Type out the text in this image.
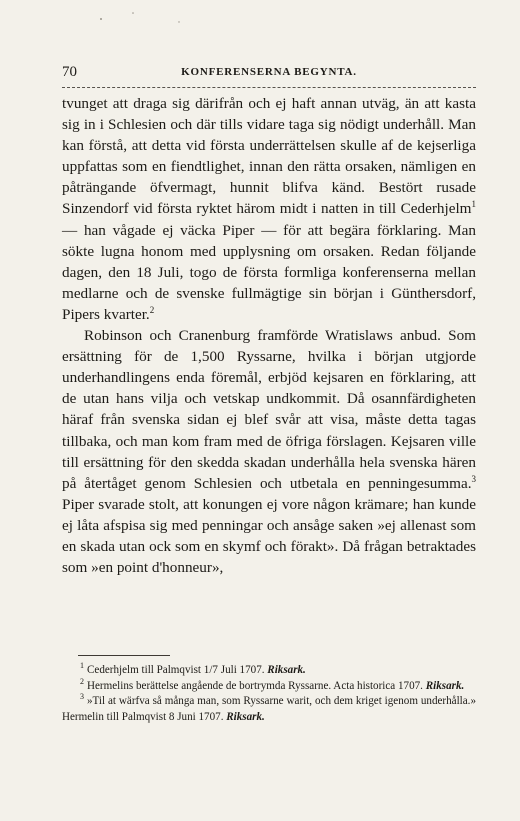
70	KONFERENSERNA BEGYNTA.

tvunget att draga sig därifrån och ej haft annan utväg, än att kasta sig in i Schlesien och där tills vidare taga sig nödigt underhåll. Man kan förstå, att detta vid första underrättelsen skulle af de kejserliga uppfattas som en fiendtlighet, innan den rätta orsaken, nämligen en påträngande öfvermagt, hunnit blifva känd. Bestört rusade Sinzendorf vid första ryktet härom midt i natten in till Cederhjelm$^1$ — han vågade ej väcka Piper — för att begära förklaring. Man sökte lugna honom med upplysning om orsaken. Redan följande dagen, den 18 Juli, togo de första formliga konferenserna mellan medlarne och de svenske fullmägtige sin början i Günthersdorf, Pipers kvarter.$^2$

Robinson och Cranenburg framförde Wratislaws anbud. Som ersättning för de 1,500 Ryssarne, hvilka i början utgjorde underhandlingens enda föremål, erbjöd kejsaren en förklaring, att de utan hans vilja och vetskap undkommit. Då osannfärdigheten häraf från svenska sidan ej blef svår att visa, måste detta tagas tillbaka, och man kom fram med de öfriga förslagen. Kejsaren ville till ersättning för den skedda skadan underhålla hela svenska hären på återtåget genom Schlesien och utbetala en penningesumma.$^3$ Piper svarade stolt, att konungen ej vore någon krämare; han kunde ej låta afspisa sig med penningar och ansåge saken »ej allenast som en skada utan ock som en skymf och förakt». Då frågan betraktades som »en point d'honneur»,

$^1$ Cederhjelm till Palmqvist 1/7 Juli 1707. Riksark.

$^2$ Hermelins berättelse angående de bortrymda Ryssarne. Acta historica 1707. Riksark.

$^3$ »Til at wärfva så många man, som Ryssarne warit, och dem kriget igenom underhålla.» Hermelin till Palmqvist 8 Juni 1707. Riksark.
